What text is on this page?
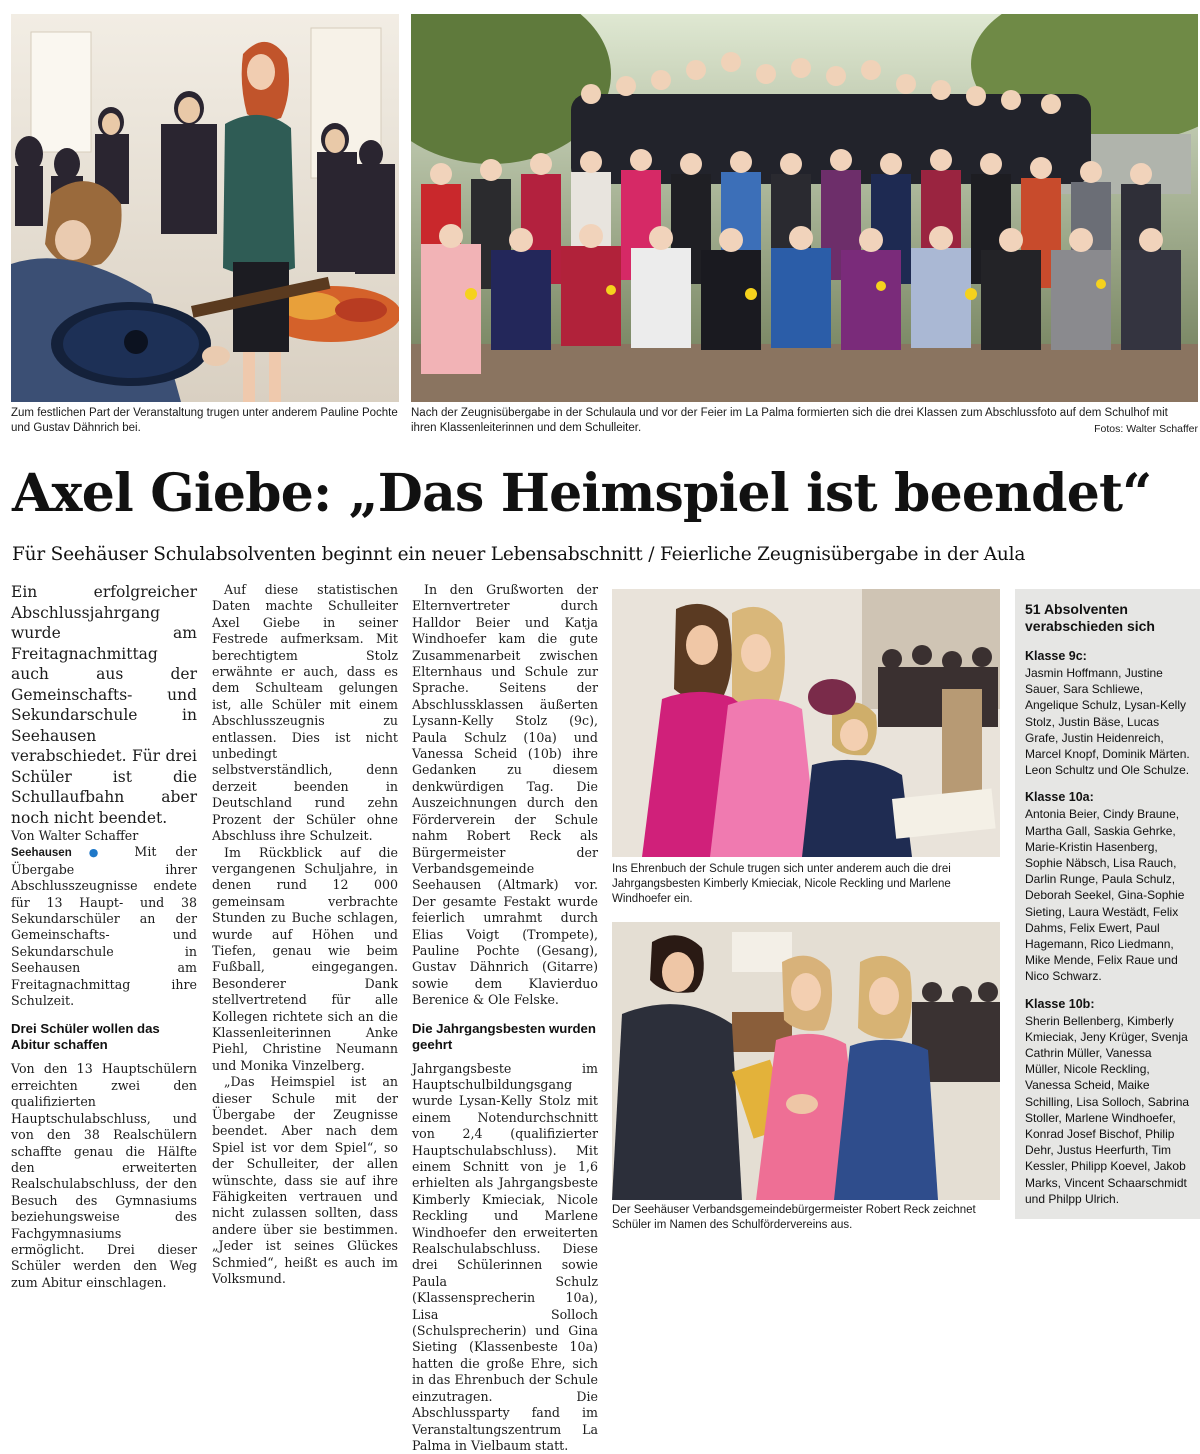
Zum festlichen Part der Veranstaltung trugen unter anderem Pauline Pochte und Gustav Dähnrich bei.
Nach der Zeugnisübergabe in der Schulaula und vor der Feier im La Palma formierten sich die drei Klassen zum Abschlussfoto auf dem Schulhof mit ihren Klassenleiterinnen und dem Schulleiter.	Fotos: Walter Schaffer
Axel Giebe: „Das Heimspiel ist beendet“
Für Seehäuser Schulabsolventen beginnt ein neuer Lebensabschnitt / Feierliche Zeugnisübergabe in der Aula

Ein erfolgreicher Abschlussjahrgang wurde am Freitagnachmittag auch aus der Gemeinschafts- und Sekundarschule in Seehausen verabschiedet. Für drei Schüler ist die Schullaufbahn aber noch nicht beendet.

Von Walter Schaffer

Seehausen ● Mit der Übergabe ihrer Abschlusszeugnisse endete für 13 Haupt- und 38 Sekundarschüler an der Gemeinschafts- und Sekundarschule in Seehausen am Freitagnachmittag ihre Schulzeit.

Drei Schüler wollen das Abitur schaffen

Von den 13 Hauptschülern erreichten zwei den qualifizierten Hauptschulabschluss, und von den 38 Realschülern schaffte genau die Hälfte den erweiterten Realschulabschluss, der den Besuch des Gymnasiums beziehungsweise des Fachgymnasiums ermöglicht. Drei dieser Schüler werden den Weg zum Abitur einschlagen.

Auf diese statistischen Daten machte Schulleiter Axel Giebe in seiner Festrede aufmerksam. Mit berechtigtem Stolz erwähnte er auch, dass es dem Schulteam gelungen ist, alle Schüler mit einem Abschlusszeugnis zu entlassen. Dies ist nicht unbedingt selbstverständlich, denn derzeit beenden in Deutschland rund zehn Prozent der Schüler ohne Abschluss ihre Schulzeit.

Im Rückblick auf die vergangenen Schuljahre, in denen rund 12 000 gemeinsam verbrachte Stunden zu Buche schlagen, wurde auf Höhen und Tiefen, genau wie beim Fußball, eingegangen. Besonderer Dank stellvertretend für alle Kollegen richtete sich an die Klassenleiterinnen Anke Piehl, Christine Neumann und Monika Vinzelberg.

„Das Heimspiel ist an dieser Schule mit der Übergabe der Zeugnisse beendet. Aber nach dem Spiel ist vor dem Spiel“, so der Schulleiter, der allen wünschte, dass sie auf ihre Fähigkeiten vertrauen und nicht zulassen sollten, dass andere über sie bestimmen. „Jeder ist seines Glückes Schmied“, heißt es auch im Volksmund.

In den Grußworten der Elternvertreter durch Halldor Beier und Katja Windhoefer kam die gute Zusammenarbeit zwischen Elternhaus und Schule zur Sprache. Seitens der Abschlussklassen äußerten Lysann-Kelly Stolz (9c), Paula Schulz (10a) und Vanessa Scheid (10b) ihre Gedanken zu diesem denkwürdigen Tag. Die Auszeichnungen durch den Förderverein der Schule nahm Robert Reck als Bürgermeister der Verbandsgemeinde Seehausen (Altmark) vor. Der gesamte Festakt wurde feierlich umrahmt durch Elias Voigt (Trompete), Pauline Pochte (Gesang), Gustav Dähnrich (Gitarre) sowie dem Klavierduo Berenice & Ole Felske.

Die Jahrgangsbesten wurden geehrt

Jahrgangsbeste im Hauptschulbildungsgang wurde Lysan-Kelly Stolz mit einem Notendurchschnitt von 2,4 (qualifizierter Hauptschulabschluss). Mit einem Schnitt von je 1,6 erhielten als Jahrgangsbeste Kimberly Kmieciak, Nicole Reckling und Marlene Windhoefer den erweiterten Realschulabschluss. Diese drei Schülerinnen sowie Paula Schulz (Klassensprecherin 10a), Lisa Solloch (Schulsprecherin) und Gina Sieting (Klassenbeste 10a) hatten die große Ehre, sich in das Ehrenbuch der Schule einzutragen. Die Abschlussparty fand im Veranstaltungszentrum La Palma in Vielbaum statt.

Ins Ehrenbuch der Schule trugen sich unter anderem auch die drei Jahrgangsbesten Kimberly Kmieciak, Nicole Reckling und Marlene Windhoefer ein.
Der Seehäuser Verbandsgemeindebürgermeister Robert Reck zeichnet Schüler im Namen des Schulfördervereins aus.
51 Absolventen verabschieden sich
Klasse 9c:
Jasmin Hoffmann, Justine Sauer, Sara Schliewe, Angelique Schulz, Lysan-Kelly Stolz, Justin Bäse, Lucas Grafe, Justin Heidenreich, Marcel Knopf, Dominik Märten. Leon Schultz und Ole Schulze.
Klasse 10a:
Antonia Beier, Cindy Braune, Martha Gall, Saskia Gehrke, Marie-Kristin Hasenberg, Sophie Näbsch, Lisa Rauch, Darlin Runge, Paula Schulz, Deborah Seekel, Gina-Sophie Sieting, Laura Westädt, Felix Dahms, Felix Ewert, Paul Hagemann, Rico Liedmann, Mike Mende, Felix Raue und Nico Schwarz.
Klasse 10b:
Sherin Bellenberg, Kimberly Kmieciak, Jeny Krüger, Svenja Cathrin Müller, Vanessa Müller, Nicole Reckling, Vanessa Scheid, Maike Schilling, Lisa Solloch, Sabrina Stoller, Marlene Windhoefer, Konrad Josef Bischof, Philip Dehr, Justus Heerfurth, Tim Kessler, Philipp Koevel, Jakob Marks, Vincent Schaarschmidt und Philpp Ulrich.
